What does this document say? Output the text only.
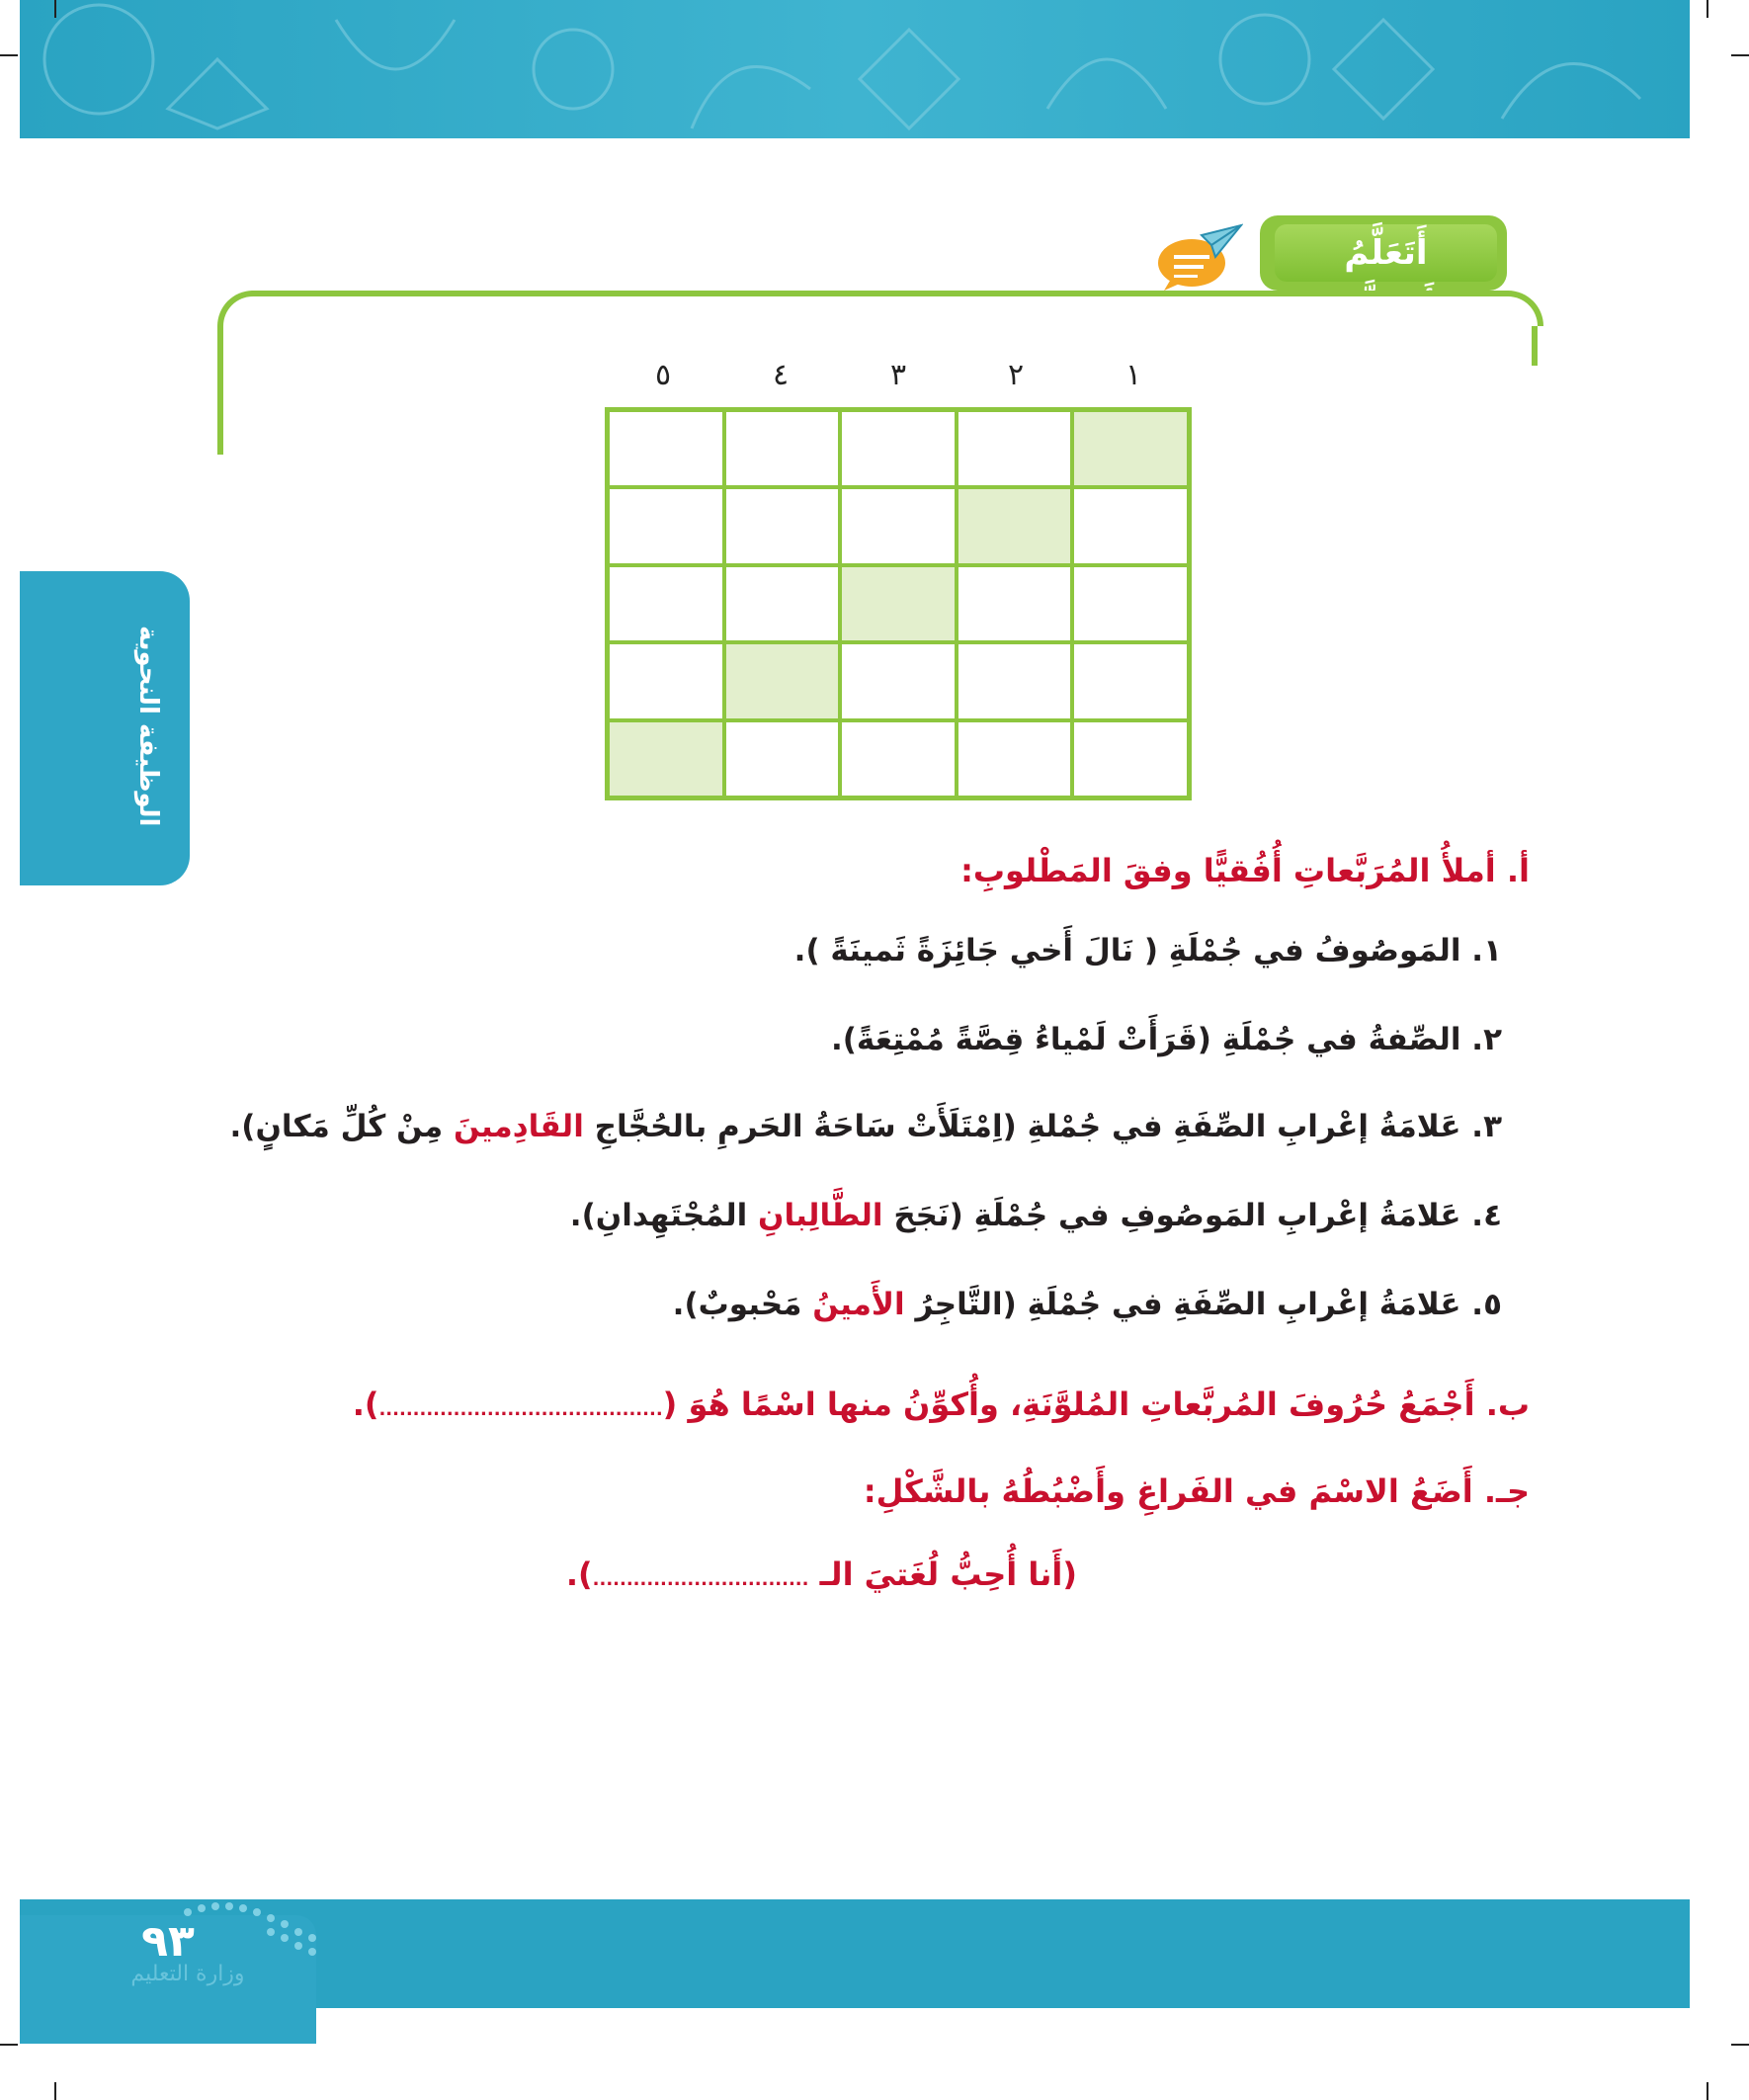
أَتَعَلَّمُ وَأَتَسَلَّى:
الوظيفة النحوية
١
٢
٣
٤
٥
أ. أملأُ المُرَبَّعاتِ أُفُقيًّا وفقَ المَطْلوبِ:
١. المَوصُوفُ في جُمْلَةِ ( نَالَ أَخي جَائِزَةً ثَمينَةً ).
٢. الصِّفةُ في جُمْلَةِ (قَرَأَتْ لَمْياءُ قِصَّةً مُمْتِعَةً).
٣. عَلامَةُ إعْرابِ الصِّفَةِ في جُمْلةِ (اِمْتَلَأَتْ سَاحَةُ الحَرمِ بالحُجَّاجِ القَادِمينَ مِنْ كُلِّ مَكانٍ).
٤. عَلامَةُ إعْرابِ المَوصُوفِ في جُمْلَةِ (نَجَحَ الطَّالِبانِ المُجْتَهِدانِ).
٥. عَلامَةُ إعْرابِ الصِّفَةِ في جُمْلَةِ (التَّاجِرُ الأَمينُ مَحْبوبٌ).
ب. أَجْمَعُ حُرُوفَ المُربَّعاتِ المُلوَّنَةِ، وأُكوِّنُ منها اسْمًا هُوَ (..........................................).
جـ. أَضَعُ الاسْمَ في الفَراغِ وأَضْبُطُهُ بالشَّكْلِ:
(أَنا أُحِبُّ لُغَتيَ الـ ................................).
٩٣
وزارة التعليم
